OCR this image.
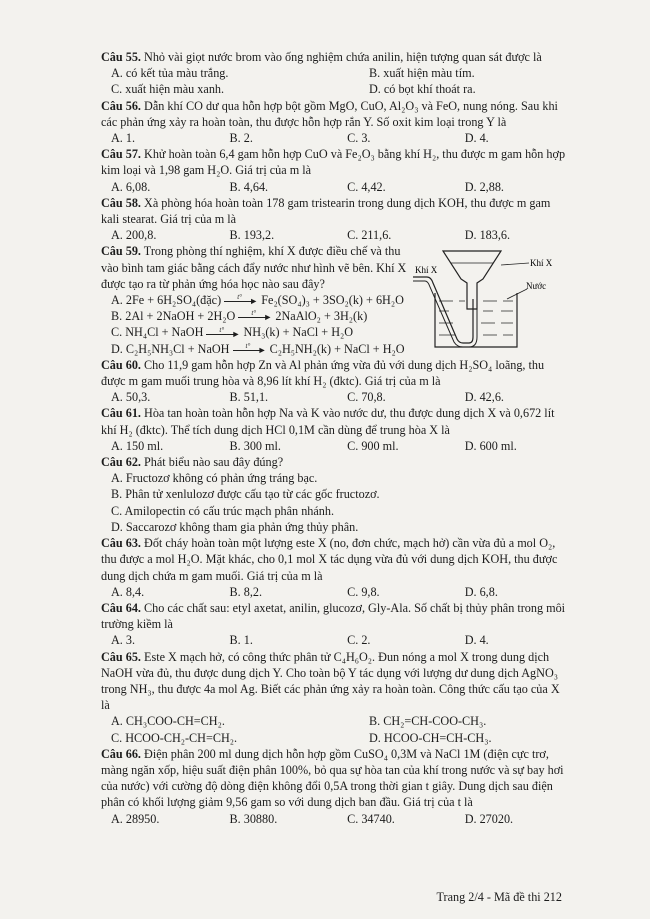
Câu 55. Nhỏ vài giọt nước brom vào ống nghiệm chứa anilin, hiện tượng quan sát được là
A. có kết tủa màu trắng.	B. xuất hiện màu tím.
C. xuất hiện màu xanh.	D. có bọt khí thoát ra.
Câu 56. Dẫn khí CO dư qua hỗn hợp bột gồm MgO, CuO, Al₂O₃ và FeO, nung nóng. Sau khi các phản ứng xảy ra hoàn toàn, thu được hỗn hợp rắn Y. Số oxit kim loại trong Y là
A. 1.	B. 2.	C. 3.	D. 4.
Câu 57. Khử hoàn toàn 6,4 gam hỗn hợp CuO và Fe₂O₃ bằng khí H₂, thu được m gam hỗn hợp kim loại và 1,98 gam H₂O. Giá trị của m là
A. 6,08.	B. 4,64.	C. 4,42.	D. 2,88.
Câu 58. Xà phòng hóa hoàn toàn 178 gam tristearin trong dung dịch KOH, thu được m gam kali stearat. Giá trị của m là
A. 200,8.	B. 193,2.	C. 211,6.	D. 183,6.
Câu 59. Trong phòng thí nghiệm, khí X được điều chế và thu vào bình tam giác bằng cách đẩy nước như hình vẽ bên. Khí X được tạo ra từ phản ứng hóa học nào sau đây?
A. 2Fe + 6H₂SO₄(đặc) t° ► Fe₂(SO₄)₃ + 3SO₂(k) + 6H₂O
B. 2Al + 2NaOH + 2H₂O t° ► 2NaAlO₂ + 3H₂(k)
C. NH₄Cl + NaOH t° ► NH₃(k) + NaCl + H₂O
D. C₂H₅NH₃Cl + NaOH t° ► C₂H₅NH₂(k) + NaCl + H₂O
Khí X
Khí X
Nước
Câu 60. Cho 11,9 gam hỗn hợp Zn và Al phản ứng vừa đủ với dung dịch H₂SO₄ loãng, thu được m gam muối trung hòa và 8,96 lít khí H₂ (đktc). Giá trị của m là
A. 50,3.	B. 51,1.	C. 70,8.	D. 42,6.
Câu 61. Hòa tan hoàn toàn hỗn hợp Na và K vào nước dư, thu được dung dịch X và 0,672 lít khí H₂ (đktc). Thể tích dung dịch HCl 0,1M cần dùng để trung hòa X là
A. 150 ml.	B. 300 ml.	C. 900 ml.	D. 600 ml.
Câu 62. Phát biểu nào sau đây đúng?
A. Fructozơ không có phản ứng tráng bạc.
B. Phân tử xenlulozơ được cấu tạo từ các gốc fructozơ.
C. Amilopectin có cấu trúc mạch phân nhánh.
D. Saccarozơ không tham gia phản ứng thủy phân.
Câu 63. Đốt cháy hoàn toàn một lượng este X (no, đơn chức, mạch hở) cần vừa đủ a mol O₂, thu được a mol H₂O. Mặt khác, cho 0,1 mol X tác dụng vừa đủ với dung dịch KOH, thu được dung dịch chứa m gam muối. Giá trị của m là
A. 8,4.	B. 8,2.	C. 9,8.	D. 6,8.
Câu 64. Cho các chất sau: etyl axetat, anilin, glucozơ, Gly-Ala. Số chất bị thủy phân trong môi trường kiềm là
A. 3.	B. 1.	C. 2.	D. 4.
Câu 65. Este X mạch hở, có công thức phân tử C₄H₆O₂. Đun nóng a mol X trong dung dịch NaOH vừa đủ, thu được dung dịch Y. Cho toàn bộ Y tác dụng với lượng dư dung dịch AgNO₃ trong NH₃, thu được 4a mol Ag. Biết các phản ứng xảy ra hoàn toàn. Công thức cấu tạo của X là
A. CH₃COO-CH=CH₂.	B. CH₂=CH-COO-CH₃.
C. HCOO-CH₂-CH=CH₂.	D. HCOO-CH=CH-CH₃.
Câu 66. Điện phân 200 ml dung dịch hỗn hợp gồm CuSO₄ 0,3M và NaCl 1M (điện cực trơ, màng ngăn xốp, hiệu suất điện phân 100%, bỏ qua sự hòa tan của khí trong nước và sự bay hơi của nước) với cường độ dòng điện không đổi 0,5A trong thời gian t giây. Dung dịch sau điện phân có khối lượng giảm 9,56 gam so với dung dịch ban đầu. Giá trị của t là
A. 28950.	B. 30880.	C. 34740.	D. 27020.
Trang 2/4 - Mã đề thi 212
